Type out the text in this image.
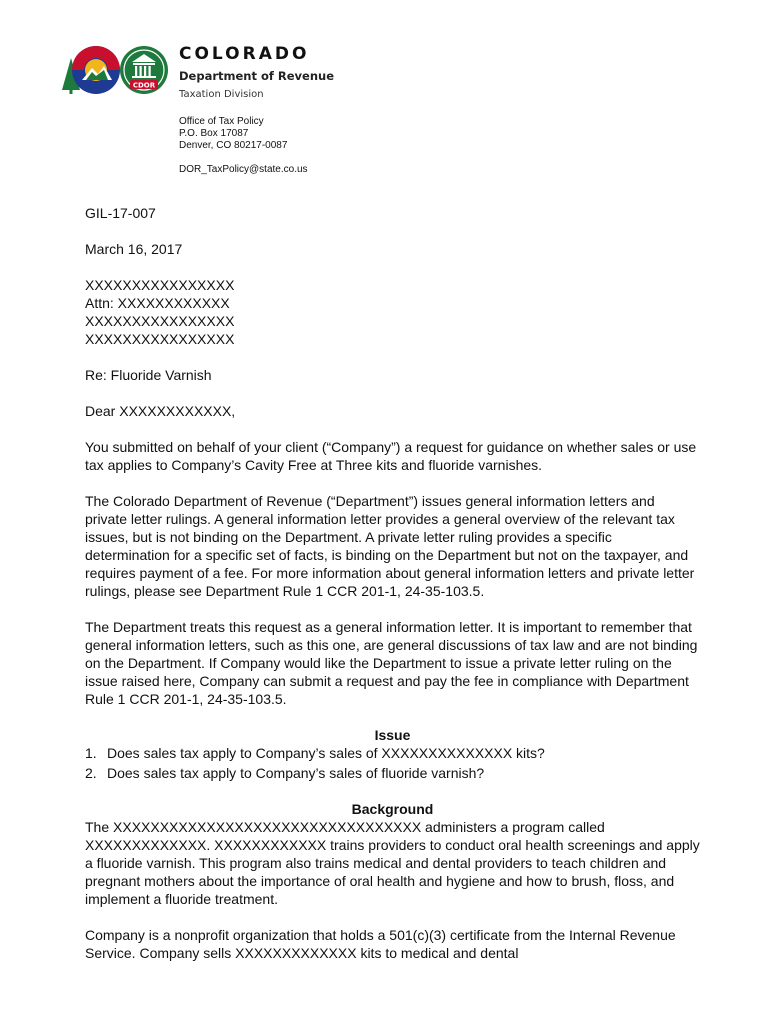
CDOR
COLORADO
Department of Revenue
Taxation Division
Office of Tax Policy
P.O. Box 17087
Denver, CO 80217-0087
DOR_TaxPolicy@state.co.us

GIL-17-007

March 16, 2017

XXXXXXXXXXXXXXXX
Attn: XXXXXXXXXXXX
XXXXXXXXXXXXXXXX
XXXXXXXXXXXXXXXX

Re: Fluoride Varnish

Dear XXXXXXXXXXXX,

You submitted on behalf of your client (“Company”) a request for guidance on whether sales or use tax applies to Company’s Cavity Free at Three kits and fluoride varnishes.

The Colorado Department of Revenue (“Department”) issues general information letters and private letter rulings. A general information letter provides a general overview of the relevant tax issues, but is not binding on the Department. A private letter ruling provides a specific determination for a specific set of facts, is binding on the Department but not on the taxpayer, and requires payment of a fee. For more information about general information letters and private letter rulings, please see Department Rule 1 CCR 201-1, 24-35-103.5.

The Department treats this request as a general information letter. It is important to remember that general information letters, such as this one, are general discussions of tax law and are not binding on the Department. If Company would like the Department to issue a private letter ruling on the issue raised here, Company can submit a request and pay the fee in compliance with Department Rule 1 CCR 201-1, 24-35-103.5.

Issue

1. Does sales tax apply to Company’s sales of XXXXXXXXXXXXXX kits?
2. Does sales tax apply to Company’s sales of fluoride varnish?

Background

The XXXXXXXXXXXXXXXXXXXXXXXXXXXXXXXXX administers a program called XXXXXXXXXXXXX. XXXXXXXXXXXX trains providers to conduct oral health screenings and apply a fluoride varnish. This program also trains medical and dental providers to teach children and pregnant mothers about the importance of oral health and hygiene and how to brush, floss, and implement a fluoride treatment.

Company is a nonprofit organization that holds a 501(c)(3) certificate from the Internal Revenue Service. Company sells XXXXXXXXXXXXX kits to medical and dental
